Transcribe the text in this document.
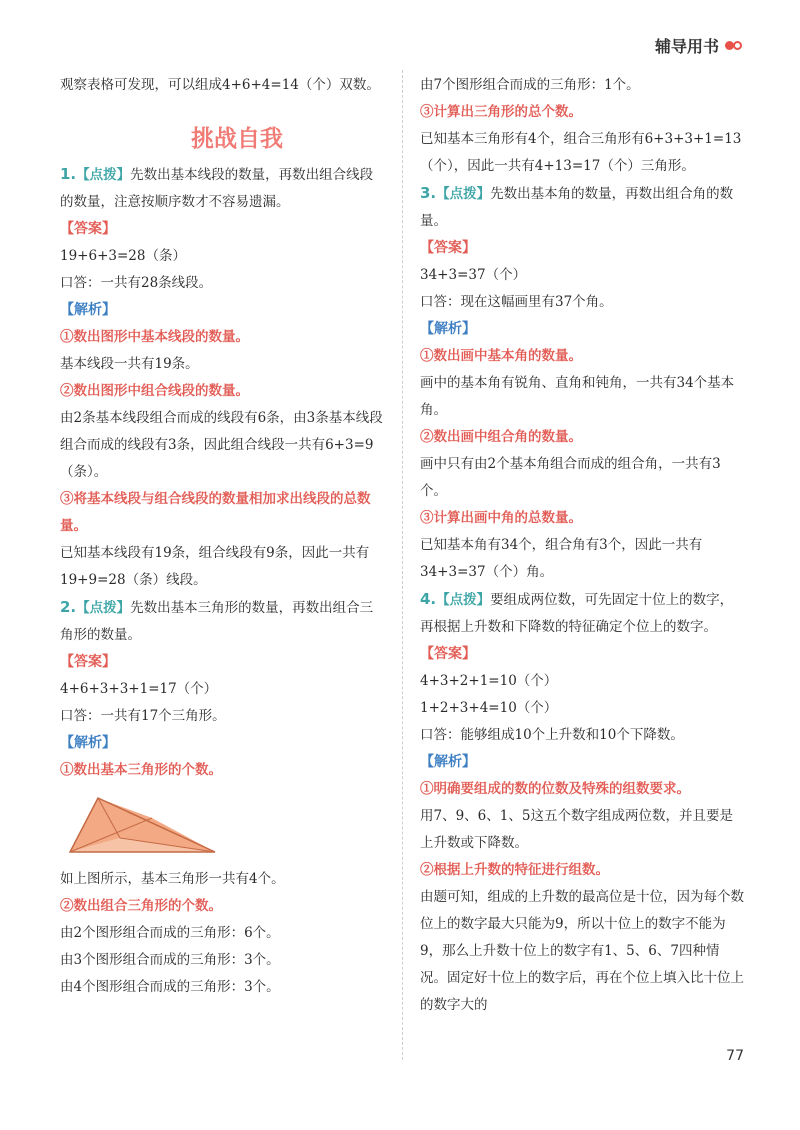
辅导用书

观察表格可发现，可以组成4+6+4=14（个）双数。

挑战自我

1.【点拨】先数出基本线段的数量，再数出组合线段的数量，注意按顺序数才不容易遗漏。

【答案】

19+6+3=28（条）

口答：一共有28条线段。

【解析】

①数出图形中基本线段的数量。

基本线段一共有19条。

②数出图形中组合线段的数量。

由2条基本线段组合而成的线段有6条，由3条基本线段组合而成的线段有3条，因此组合线段一共有6+3=9（条）。

③将基本线段与组合线段的数量相加求出线段的总数量。

已知基本线段有19条，组合线段有9条，因此一共有19+9=28（条）线段。

2.【点拨】先数出基本三角形的数量，再数出组合三角形的数量。

【答案】

4+6+3+3+1=17（个）

口答：一共有17个三角形。

【解析】

①数出基本三角形的个数。

如上图所示，基本三角形一共有4个。

②数出组合三角形的个数。

由2个图形组合而成的三角形：6个。

由3个图形组合而成的三角形：3个。

由4个图形组合而成的三角形：3个。

由7个图形组合而成的三角形：1个。

③计算出三角形的总个数。

已知基本三角形有4个，组合三角形有6+3+3+1=13（个），因此一共有4+13=17（个）三角形。

3.【点拨】先数出基本角的数量，再数出组合角的数量。

【答案】

34+3=37（个）

口答：现在这幅画里有37个角。

【解析】

①数出画中基本角的数量。

画中的基本角有锐角、直角和钝角，一共有34个基本角。

②数出画中组合角的数量。

画中只有由2个基本角组合而成的组合角，一共有3个。

③计算出画中角的总数量。

已知基本角有34个，组合角有3个，因此一共有34+3=37（个）角。

4.【点拨】要组成两位数，可先固定十位上的数字，再根据上升数和下降数的特征确定个位上的数字。

【答案】

4+3+2+1=10（个）

1+2+3+4=10（个）

口答：能够组成10个上升数和10个下降数。

【解析】

①明确要组成的数的位数及特殊的组数要求。

用7、9、6、1、5这五个数字组成两位数，并且要是上升数或下降数。

②根据上升数的特征进行组数。

由题可知，组成的上升数的最高位是十位，因为每个数位上的数字最大只能为9，所以十位上的数字不能为9，那么上升数十位上的数字有1、5、6、7四种情况。固定好十位上的数字后，再在个位上填入比十位上的数字大的

77
